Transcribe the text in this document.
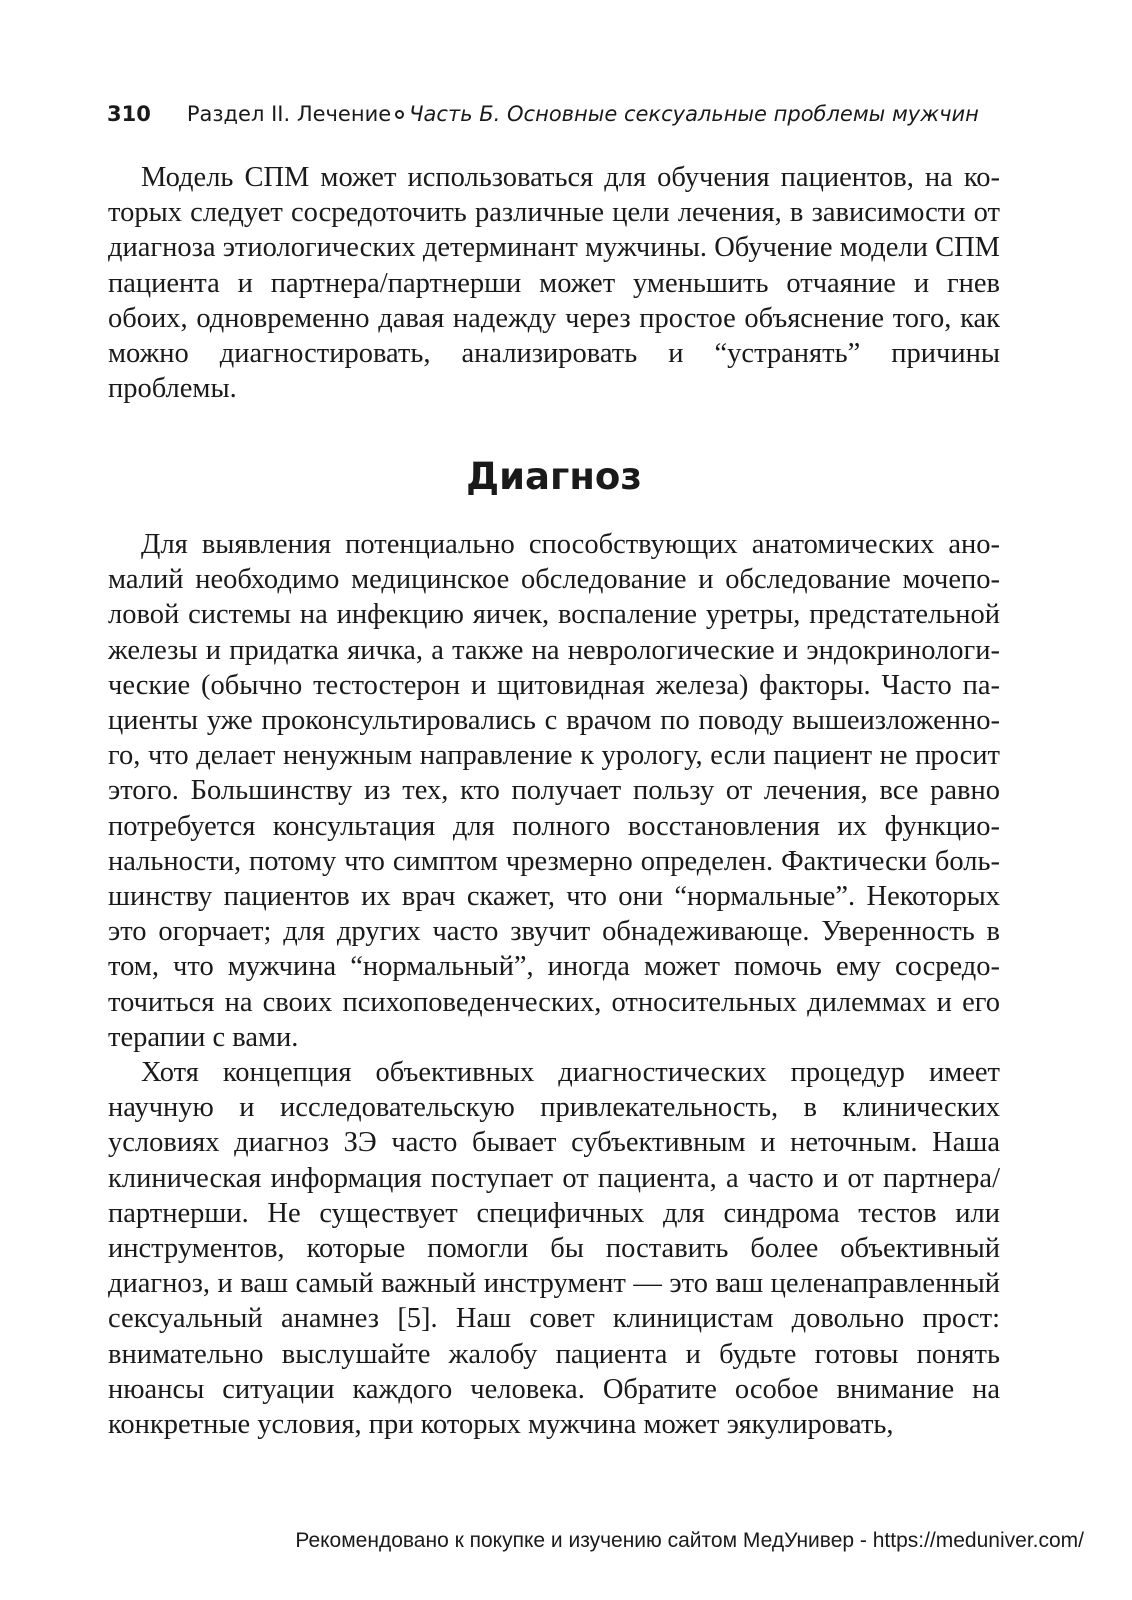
310 Раздел II. Лечение Часть Б. Основные сексуальные проблемы мужчин

Модель СПМ может использоваться для обучения пациентов, на которых следует сосредоточить различные цели лечения, в зависимости от диагноза этиологических детерминант мужчины. Обучение модели СПМ пациента и партнера/партнерши может уменьшить отчаяние и гнев обоих, одновременно давая надежду через простое объяснение того, как можно диагностировать, анализировать и “устранять” причины проблемы.

Диагноз

Для выявления потенциально способствующих анатомических аномалий необходимо медицинское обследование и обследование мочеполовой системы на инфекцию яичек, воспаление уретры, предстательной железы и придатка яичка, а также на неврологические и эндокринологические (обычно тестостерон и щитовидная железа) факторы. Часто пациенты уже проконсультировались с врачом по поводу вышеизложенного, что делает ненужным направление к урологу, если пациент не просит этого. Большинству из тех, кто получает пользу от лечения, все равно потребуется консультация для полного восстановления их функциональности, потому что симптом чрезмерно определен. Фактически большинству пациентов их врач скажет, что они “нормальные”. Некоторых это огорчает; для других часто звучит обнадеживающе. Уверенность в том, что мужчина “нормальный”, иногда может помочь ему сосредоточиться на своих психоповеденческих, относительных дилеммах и его терапии с вами.

Хотя концепция объективных диагностических процедур имеет научную и исследовательскую привлекательность, в клинических условиях диагноз ЗЭ часто бывает субъективным и неточным. Наша клиническая информация поступает от пациента, а часто и от партнера/партнерши. Не существует специфичных для синдрома тестов или инструментов, которые помогли бы поставить более объективный диагноз, и ваш самый важный инструмент — это ваш целенаправленный сексуальный анамнез [5]. Наш совет клиницистам довольно прост: внимательно выслушайте жалобу пациента и будьте готовы понять нюансы ситуации каждого человека. Обратите особое внимание на конкретные условия, при которых мужчина может эякулировать,

Рекомендовано к покупке и изучению сайтом МедУнивер - https://meduniver.com/
